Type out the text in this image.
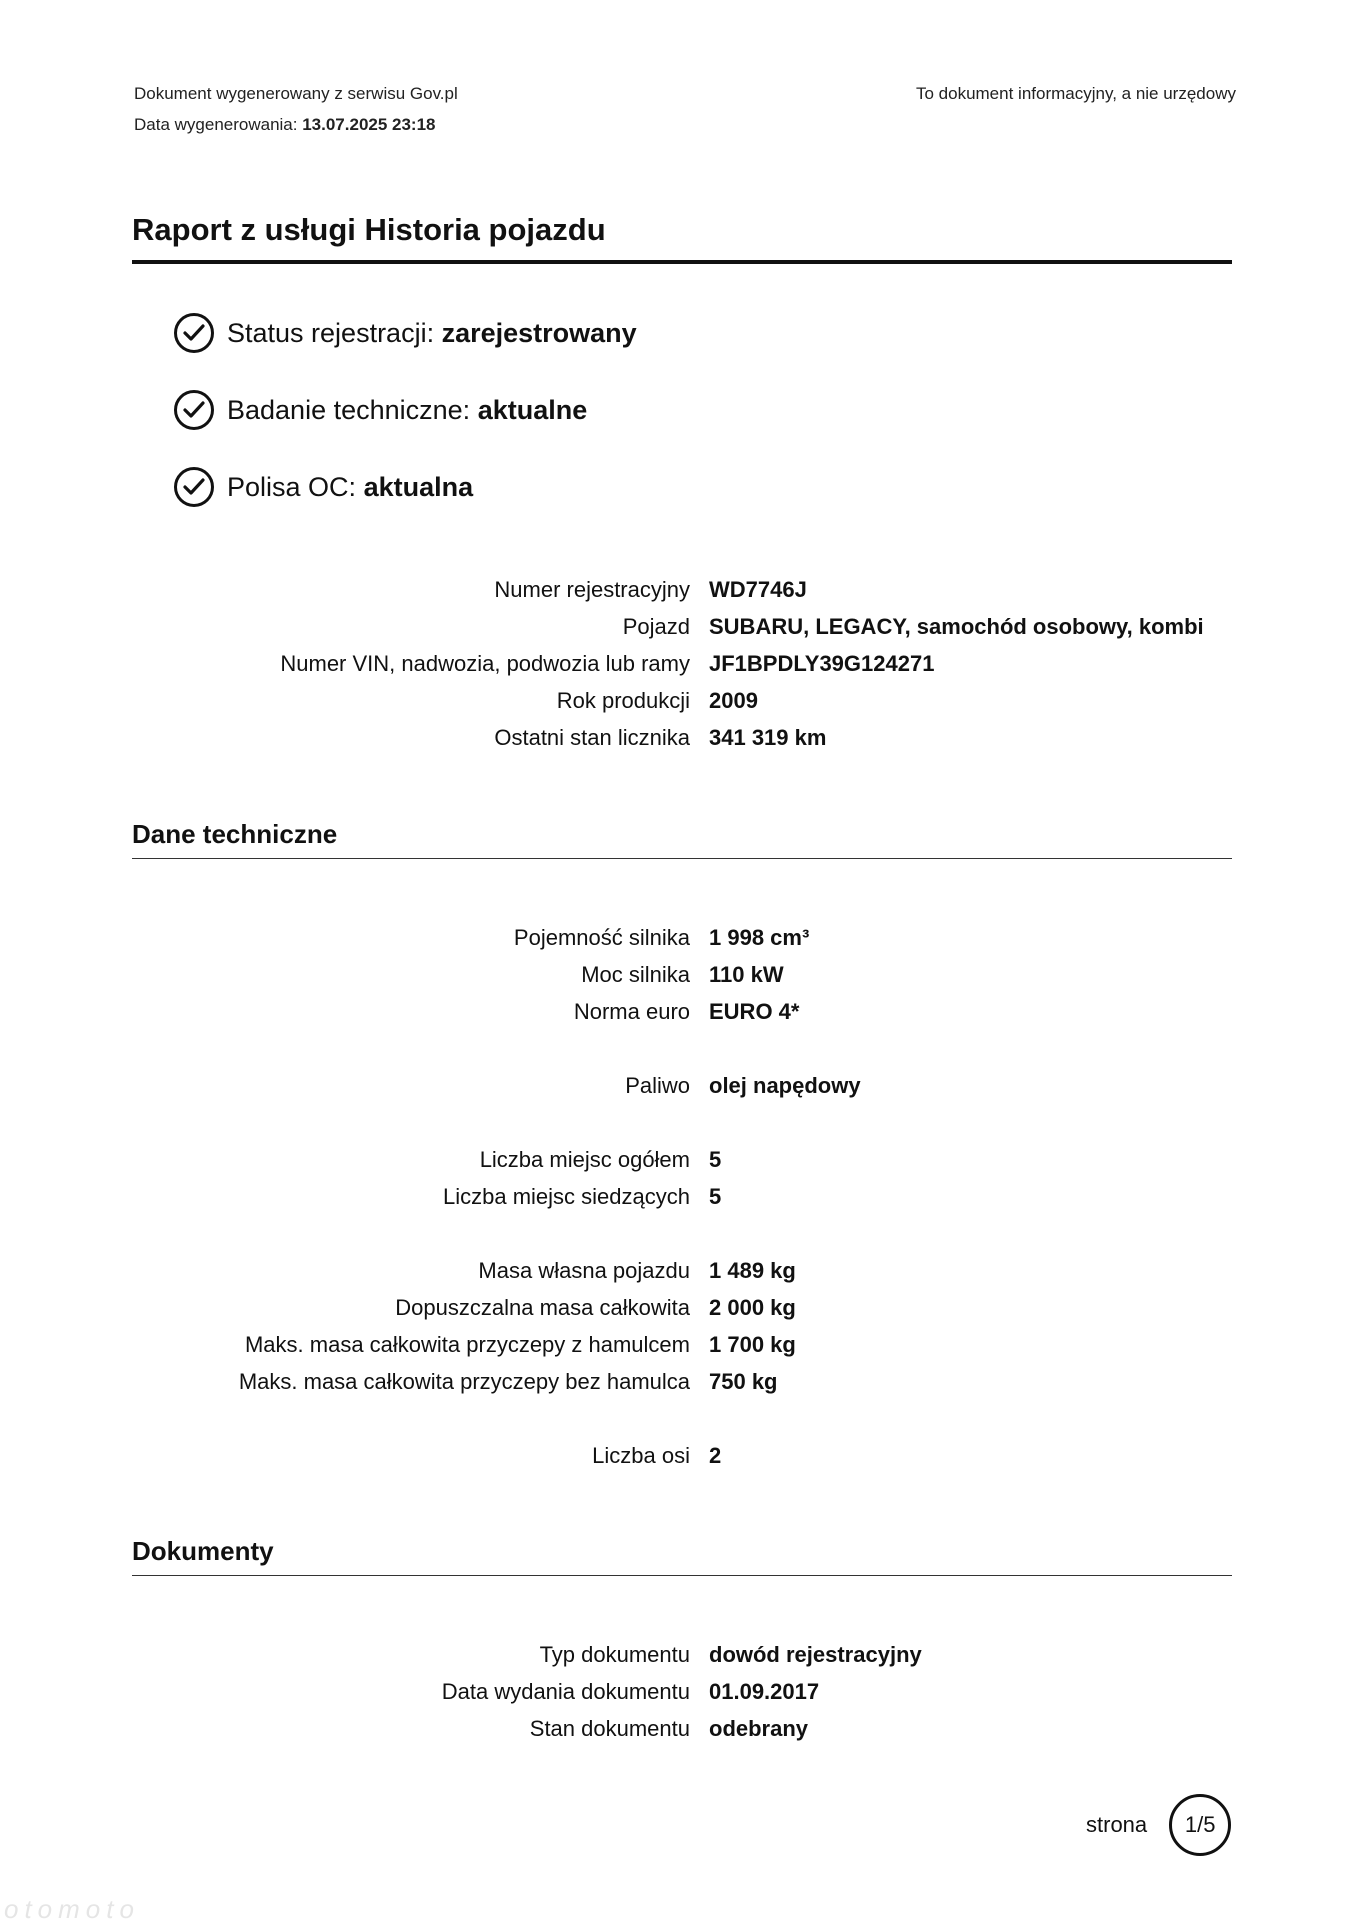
Dokument wygenerowany z serwisu Gov.pl
Data wygenerowania: 13.07.2025 23:18
To dokument informacyjny, a nie urzędowy
Raport z usługi Historia pojazdu
Status rejestracji: zarejestrowany
Badanie techniczne: aktualne
Polisa OC: aktualna
Numer rejestracyjny WD7746J
Pojazd SUBARU, LEGACY, samochód osobowy, kombi
Numer VIN, nadwozia, podwozia lub ramy JF1BPDLY39G124271
Rok produkcji 2009
Ostatni stan licznika 341 319 km
Dane techniczne
Pojemność silnika 1 998 cm³
Moc silnika 110 kW
Norma euro EURO 4*
Paliwo olej napędowy
Liczba miejsc ogółem 5
Liczba miejsc siedzących 5
Masa własna pojazdu 1 489 kg
Dopuszczalna masa całkowita 2 000 kg
Maks. masa całkowita przyczepy z hamulcem 1 700 kg
Maks. masa całkowita przyczepy bez hamulca 750 kg
Liczba osi 2
Dokumenty
Typ dokumentu dowód rejestracyjny
Data wydania dokumentu 01.09.2017
Stan dokumentu odebrany
strona	1/5
otomoto
